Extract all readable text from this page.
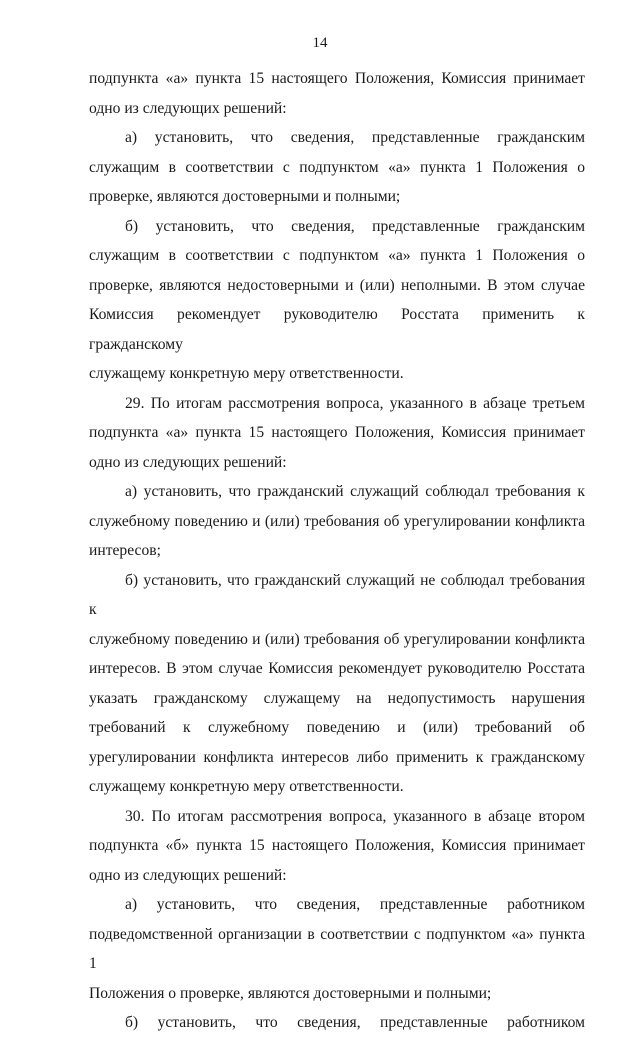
14
подпункта «а» пункта 15 настоящего Положения, Комиссия принимает
одно из следующих решений:
а) установить, что сведения, представленные гражданским
служащим в соответствии с подпунктом «а» пункта 1 Положения о
проверке, являются достоверными и полными;
б) установить, что сведения, представленные гражданским
служащим в соответствии с подпунктом «а» пункта 1 Положения о
проверке, являются недостоверными и (или) неполными. В этом случае
Комиссия рекомендует руководителю Росстата применить к гражданскому
служащему конкретную меру ответственности.
29. По итогам рассмотрения вопроса, указанного в абзаце третьем
подпункта «а» пункта 15 настоящего Положения, Комиссия принимает
одно из следующих решений:
а) установить, что гражданский служащий соблюдал требования к
служебному поведению и (или) требования об урегулировании конфликта
интересов;
б) установить, что гражданский служащий не соблюдал требования к
служебному поведению и (или) требования об урегулировании конфликта
интересов. В этом случае Комиссия рекомендует руководителю Росстата
указать гражданскому служащему на недопустимость нарушения
требований к служебному поведению и (или) требований об
урегулировании конфликта интересов либо применить к гражданскому
служащему конкретную меру ответственности.
30. По итогам рассмотрения вопроса, указанного в абзаце втором
подпункта «б» пункта 15 настоящего Положения, Комиссия принимает
одно из следующих решений:
а) установить, что сведения, представленные работником
подведомственной организации в соответствии с подпунктом «а» пункта 1
Положения о проверке, являются достоверными и полными;
б) установить, что сведения, представленные работником
